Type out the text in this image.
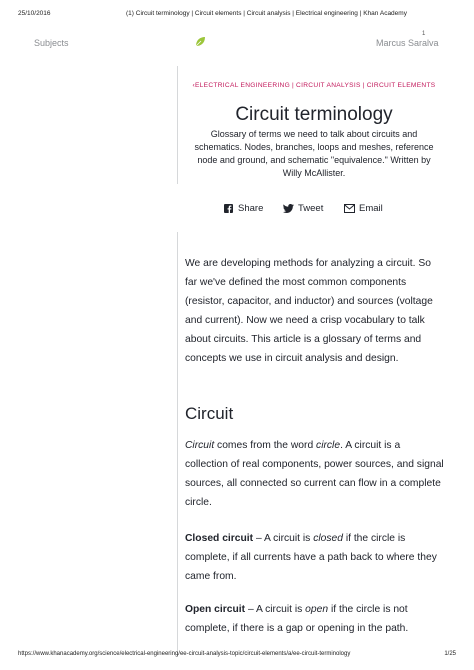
25/10/2016	(1) Circuit terminology | Circuit elements | Circuit analysis | Electrical engineering | Khan Academy
Subjects	Marcus Saralva
1
‹ELECTRICAL ENGINEERING | CIRCUIT ANALYSIS | CIRCUIT ELEMENTS
Circuit terminology
Glossary of terms we need to talk about circuits and schematics. Nodes, branches, loops and meshes, reference node and ground, and schematic "equivalence." Written by Willy McAllister.
Share	Tweet	Email
We are developing methods for analyzing a circuit. So far we've defined the most common components (resistor, capacitor, and inductor) and sources (voltage and current). Now we need a crisp vocabulary to talk about circuits. This article is a glossary of terms and concepts we use in circuit analysis and design.
Circuit
Circuit comes from the word circle. A circuit is a collection of real components, power sources, and signal sources, all connected so current can flow in a complete circle.
Closed circuit – A circuit is closed if the circle is complete, if all currents have a path back to where they came from.
Open circuit – A circuit is open if the circle is not complete, if there is a gap or opening in the path.
https://www.khanacademy.org/science/electrical-engineering/ee-circuit-analysis-topic/circuit-elements/a/ee-circuit-terminology	1/25
